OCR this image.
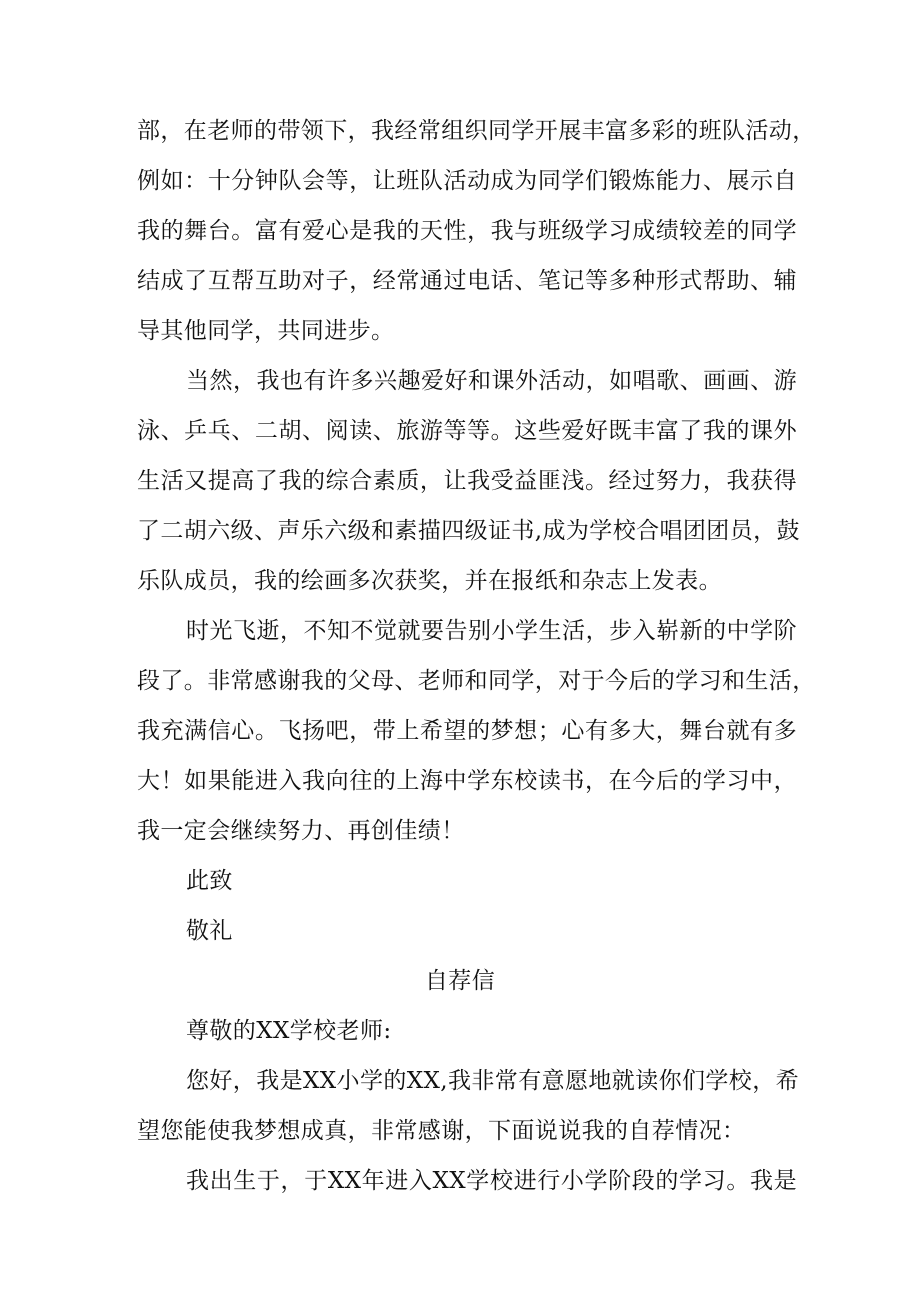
部，在老师的带领下，我经常组织同学开展丰富多彩的班队活动，
例如：十分钟队会等，让班队活动成为同学们锻炼能力、展示自
我的舞台。富有爱心是我的天性，我与班级学习成绩较差的同学
结成了互帮互助对子，经常通过电话、笔记等多种形式帮助、辅
导其他同学，共同进步。
当然，我也有许多兴趣爱好和课外活动，如唱歌、画画、游
泳、乒乓、二胡、阅读、旅游等等。这些爱好既丰富了我的课外
生活又提高了我的综合素质，让我受益匪浅。经过努力，我获得
了二胡六级、声乐六级和素描四级证书,成为学校合唱团团员，鼓
乐队成员，我的绘画多次获奖，并在报纸和杂志上发表。
时光飞逝，不知不觉就要告别小学生活，步入崭新的中学阶
段了。非常感谢我的父母、老师和同学，对于今后的学习和生活，
我充满信心。飞扬吧，带上希望的梦想；心有多大，舞台就有多
大！如果能进入我向往的上海中学东校读书，在今后的学习中，
我一定会继续努力、再创佳绩！
此致
敬礼
自荐信
尊敬的XX学校老师:
您好，我是XX小学的XX,我非常有意愿地就读你们学校，希
望您能使我梦想成真，非常感谢，下面说说我的自荐情况：
我出生于，于XX年进入XX学校进行小学阶段的学习。我是
